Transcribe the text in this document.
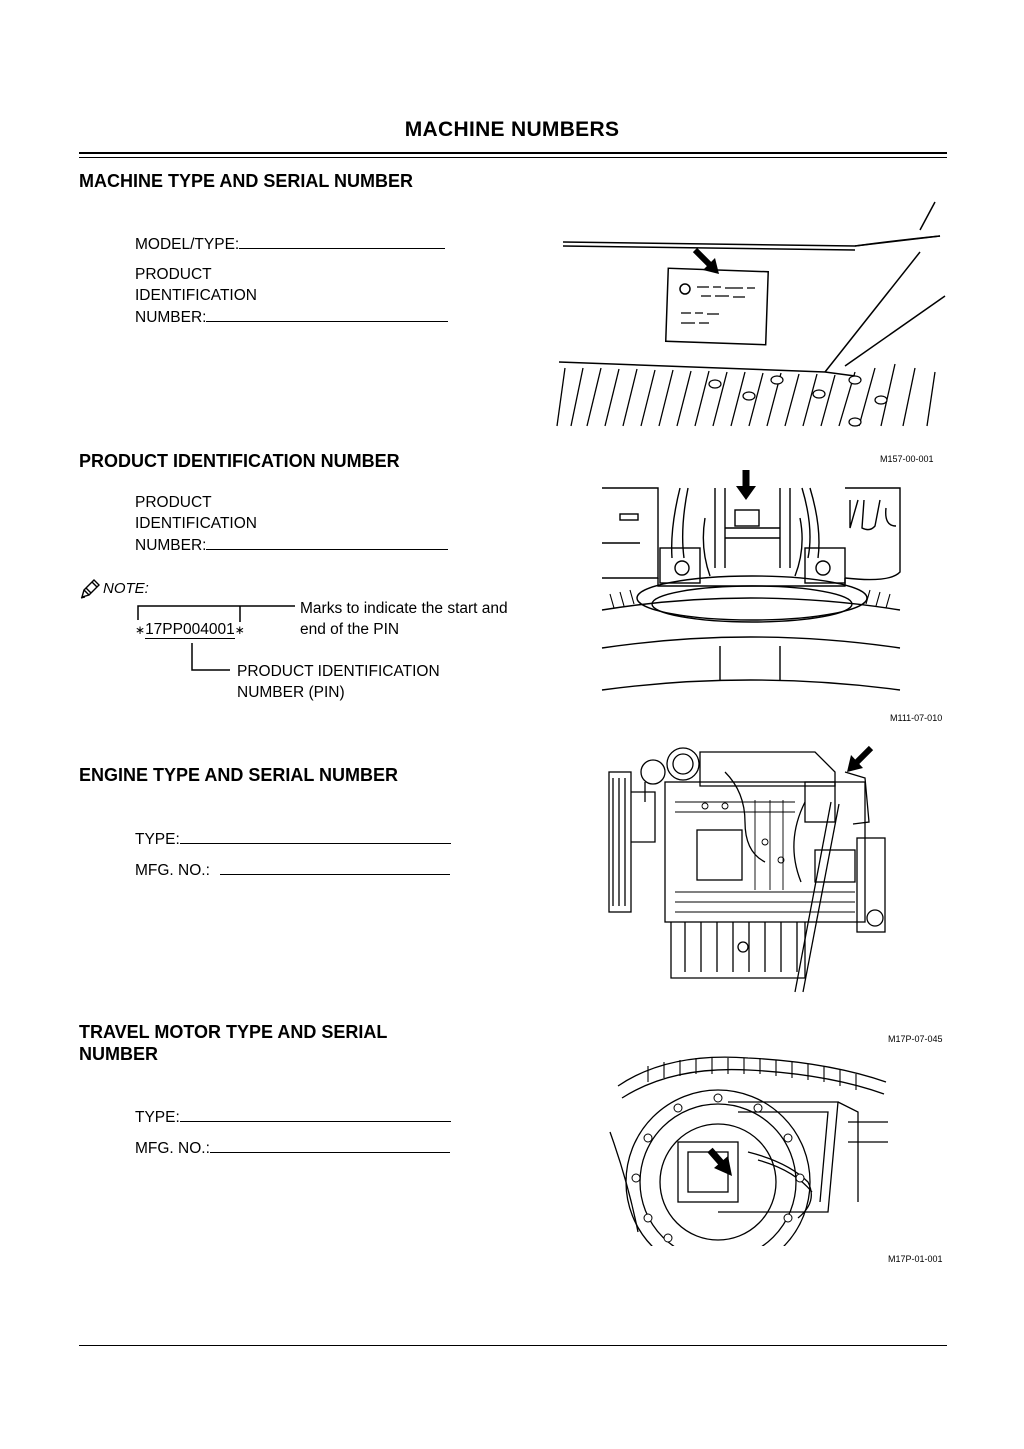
MACHINE NUMBERS
MACHINE TYPE AND SERIAL NUMBER
MODEL/TYPE:
PRODUCT
IDENTIFICATION
NUMBER:
M157-00-001
PRODUCT IDENTIFICATION NUMBER
PRODUCT
IDENTIFICATION
NUMBER:
NOTE:
∗17PP004001∗
Marks to indicate the start and
end of the PIN
PRODUCT IDENTIFICATION
NUMBER (PIN)
M111-07-010
ENGINE TYPE AND SERIAL NUMBER
TYPE:
MFG. NO.:
M17P-07-045
TRAVEL MOTOR TYPE AND SERIAL
NUMBER
TYPE:
MFG. NO.:
M17P-01-001
